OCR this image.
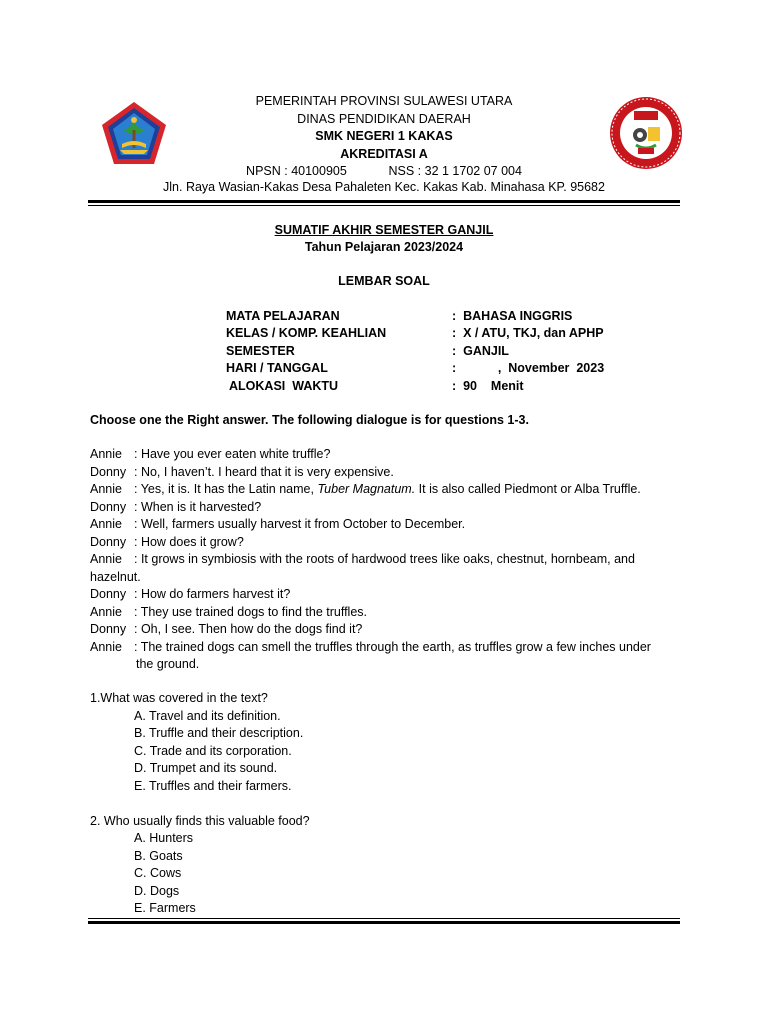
PEMERINTAH PROVINSI SULAWESI UTARA
DINAS PENDIDIKAN DAERAH
SMK NEGERI 1 KAKAS
AKREDITASI A
NPSN : 40100905	NSS : 32 1 1702 07 004
Jln. Raya Wasian-Kakas Desa Pahaleten Kec. Kakas Kab. Minahasa KP. 95682
SUMATIF AKHIR SEMESTER GANJIL
Tahun Pelajaran 2023/2024
LEMBAR SOAL
MATA PELAJARAN	:  BAHASA INGGRIS
KELAS / KOMP. KEAHLIAN	:  X / ATU, TKJ, dan APHP
SEMESTER	:  GANJIL
HARI / TANGGAL	:            ,  November  2023
ALOKASI  WAKTU	:  90    Menit
Choose one the Right answer. The following dialogue is for questions 1-3.
Annie : Have you ever eaten white truffle?
Donny : No, I haven’t. I heard that it is very expensive.
Annie : Yes, it is. It has the Latin name, Tuber Magnatum. It is also called Piedmont or Alba Truffle.
Donny : When is it harvested?
Annie : Well, farmers usually harvest it from October to December.
Donny : How does it grow?
Annie : It grows in symbiosis with the roots of hardwood trees like oaks, chestnut, hornbeam, and
hazelnut.
Donny : How do farmers harvest it?
Annie : They use trained dogs to find the truffles.
Donny : Oh, I see. Then how do the dogs find it?
Annie : The trained dogs can smell the truffles through the earth, as truffles grow a few inches under
the ground.
1.What was covered in the text?
A. Travel and its definition.
B. Truffle and their description.
C. Trade and its corporation.
D. Trumpet and its sound.
E. Truffles and their farmers.
2. Who usually finds this valuable food?
A. Hunters
B. Goats
C. Cows
D. Dogs
E. Farmers
